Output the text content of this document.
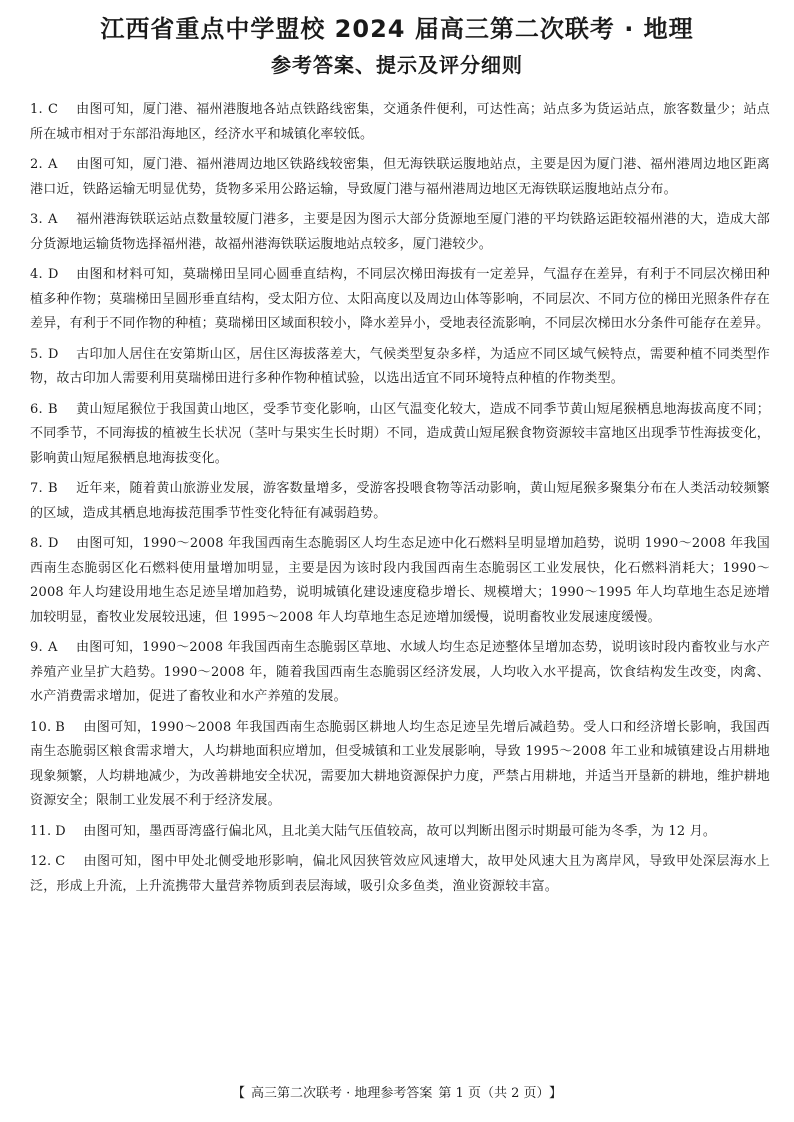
江西省重点中学盟校 2024 届高三第二次联考 · 地理
参考答案、提示及评分细则

1. C 由图可知，厦门港、福州港腹地各站点铁路线密集，交通条件便利，可达性高；站点多为货运站点，旅客数量少；站点所在城市相对于东部沿海地区，经济水平和城镇化率较低。

2. A 由图可知，厦门港、福州港周边地区铁路线较密集，但无海铁联运腹地站点，主要是因为厦门港、福州港周边地区距离港口近，铁路运输无明显优势，货物多采用公路运输，导致厦门港与福州港周边地区无海铁联运腹地站点分布。

3. A 福州港海铁联运站点数量较厦门港多，主要是因为图示大部分货源地至厦门港的平均铁路运距较福州港的大，造成大部分货源地运输货物选择福州港，故福州港海铁联运腹地站点较多，厦门港较少。

4. D 由图和材料可知，莫瑞梯田呈同心圆垂直结构，不同层次梯田海拔有一定差异，气温存在差异，有利于不同层次梯田种植多种作物；莫瑞梯田呈圆形垂直结构，受太阳方位、太阳高度以及周边山体等影响，不同层次、不同方位的梯田光照条件存在差异，有利于不同作物的种植；莫瑞梯田区域面积较小，降水差异小，受地表径流影响，不同层次梯田水分条件可能存在差异。

5. D 古印加人居住在安第斯山区，居住区海拔落差大，气候类型复杂多样，为适应不同区域气候特点，需要种植不同类型作物，故古印加人需要利用莫瑞梯田进行多种作物种植试验，以选出适宜不同环境特点种植的作物类型。

6. B 黄山短尾猴位于我国黄山地区，受季节变化影响，山区气温变化较大，造成不同季节黄山短尾猴栖息地海拔高度不同；不同季节，不同海拔的植被生长状况（茎叶与果实生长时期）不同，造成黄山短尾猴食物资源较丰富地区出现季节性海拔变化，影响黄山短尾猴栖息地海拔变化。

7. B 近年来，随着黄山旅游业发展，游客数量增多，受游客投喂食物等活动影响，黄山短尾猴多聚集分布在人类活动较频繁的区域，造成其栖息地海拔范围季节性变化特征有减弱趋势。

8. D 由图可知，1990～2008 年我国西南生态脆弱区人均生态足迹中化石燃料呈明显增加趋势，说明 1990～2008 年我国西南生态脆弱区化石燃料使用量增加明显，主要是因为该时段内我国西南生态脆弱区工业发展快，化石燃料消耗大；1990～2008 年人均建设用地生态足迹呈增加趋势，说明城镇化建设速度稳步增长、规模增大；1990～1995 年人均草地生态足迹增加较明显，畜牧业发展较迅速，但 1995～2008 年人均草地生态足迹增加缓慢，说明畜牧业发展速度缓慢。

9. A 由图可知，1990～2008 年我国西南生态脆弱区草地、水域人均生态足迹整体呈增加态势，说明该时段内畜牧业与水产养殖产业呈扩大趋势。1990～2008 年，随着我国西南生态脆弱区经济发展，人均收入水平提高，饮食结构发生改变，肉禽、水产消费需求增加，促进了畜牧业和水产养殖的发展。

10. B 由图可知，1990～2008 年我国西南生态脆弱区耕地人均生态足迹呈先增后减趋势。受人口和经济增长影响，我国西南生态脆弱区粮食需求增大，人均耕地面积应增加，但受城镇和工业发展影响，导致 1995～2008 年工业和城镇建设占用耕地现象频繁，人均耕地减少，为改善耕地安全状况，需要加大耕地资源保护力度，严禁占用耕地，并适当开垦新的耕地，维护耕地资源安全；限制工业发展不利于经济发展。

11. D 由图可知，墨西哥湾盛行偏北风，且北美大陆气压值较高，故可以判断出图示时期最可能为冬季，为 12 月。

12. C 由图可知，图中甲处北侧受地形影响，偏北风因狭管效应风速增大，故甲处风速大且为离岸风，导致甲处深层海水上泛，形成上升流，上升流携带大量营养物质到表层海域，吸引众多鱼类，渔业资源较丰富。

【 高三第二次联考 · 地理参考答案 第 1 页（共 2 页） 】
